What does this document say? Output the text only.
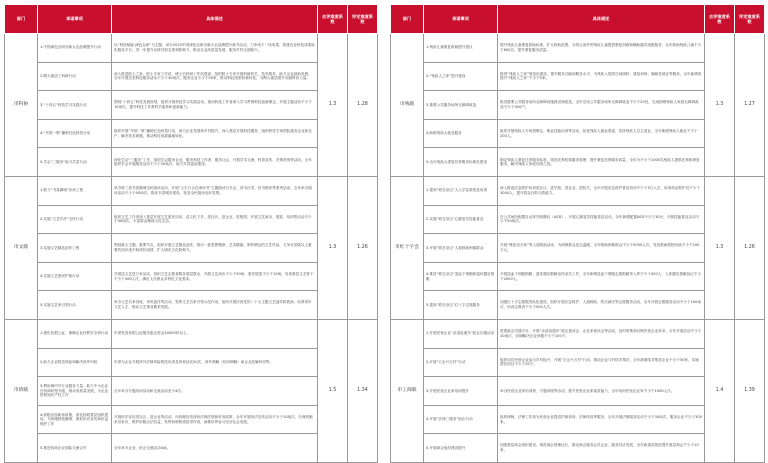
部门	承诺事项	具体描述	自评难度系数	评定难度系数
市科协	1.中国津色农研谷新大农品牌提升行动	以“科技赋能·津色农研”为主题，举办2022中国津色农研谷新大农品牌提升推介活动，力争线下一线成果，搭建农业科技成果转化服务平台，进一步提升农研谷知名度和影响力，推动农业高质量发展，服务乡村全面振兴。	1.3	1.28
	2.陶大素质工科研行动	深入推进院士之家、院士专家工作站、博士后科研工作站建设，组织院士专家开展科研攻关、技术服务，助力企业创新发展，全年开展各类科技服务活动不少于30场次，服务企业不少于50家，推动科技成果转移转化，为陶大素质提升贡献科协力量。		
	3.“十四五”科技学习实践行动	围绕“十四五”科技发展规划，组织开展科技学习实践活动，推动科技工作者深入学习贯彻科技创新理念，开展主题活动不少于10场次，提升科技工作者科学素养和创新能力。		
	4.“丹国一策”播种红色科技行动	组织开展“丹国一策”播种红色科技行动，助力企业发展和乡村振兴，深入基层开展科技服务，组织科技专家团队服务企业和农户，解决技术难题，推动科技成果落地转化。		
	5.学会“三服务”助力共富行动	深化学会“三服务”工作，组织学会服务企业、服务科技工作者、服务社会，开展学术交流、科普宣传、决策咨询等活动，全年组织学会开展服务活动不少于20场次，助力共同富裕建设。		
市文联	1.鼓力“书香满城”乐读工程	举办第三届书香满城全民阅读活动，开展“人生只合在津读书”主题阅读分享会、读书沙龙、好书推荐等系列活动，全年举办阅读活动不少于40场次，推动书香城市建设，营造全民阅读良好氛围。	1.3	1.26
	2.实施“文艺乡淳”全民行动	组织文艺工作者深入基层开展文艺惠民活动，送文化下乡、进社区、进企业、进校园，开展文艺演出、展览、培训等活动不少于30场次，丰富群众精神文化生活。		
	3.实施文艺精品创作工程	围绕重大主题、重要节点，组织开展文艺精品创作，推出一批思想精深、艺术精湛、制作精良的文艺作品，力争在省级以上重要奖项评选中取得好成绩，扩大城市文化影响力。		
	4.实施文艺惠民护航行动	开展送文艺进万家活动，组织文艺志愿者服务基层群众，开展文艺演出不少于50场、惠民展览不少于10场，培训基层文艺骨干不少于300人次，满足人民群众多样化文化需求。		
	5.实施文艺家引领行动	举办文艺名家讲座、采风创作等活动，发挥文艺名家引领示范作用，组织开展庆祝党的二十大主题文艺创作和展演，培养青年文艺人才，推动文艺事业繁荣发展。		
市侨联	1.强化侨捐公证，保障企业权利安全侨行动	年度发放侨捐公证服务惠企资金30000份以上。	1.5	1.34
	2.助力企业防范风险和解决涉外纠纷	年度为企业开展涉外法律风险防范培训及咨询活动30次，涉外调解（纠纷调解）助企业化解纠纷等。		
	3.利用海内外专业服务力量，助力中小企业在侨商转型升级，推动高质量发展，为企业搭桥知识产权工作	全年举办专题培训活动和交流活动至少4次。		
	4.积极宣传新侨政策，深化侨联基层组织建设，为侨胞排忧解难，做好侨法宣传和侨益保护工作	开展侨法宣传进社区、进企业等活动，向侨胞宣传涉侨法律法规和侨务政策，全年开展侨法宣传活动不少于10场次，办理侨胞来信来访，维护侨胞合法权益，发挥侨联桥梁纽带作用，助推侨界参与经济社会发展。		
	5.推进侨商企业国际交流合作	全年举办企业、侨企交流活动4场。		
部门	承诺事项	具体描述	自评难度系数	评定难度系数
市残联	1.残疾儿童康复救助提升建议	提升残疾儿童康复救助标准，扩大救助范围，为符合条件的残疾儿童提供康复训练和辅助器具适配服务，全年救助残疾儿童不少于600名，提升康复服务质量。	1.3	1.27
	2.“残疾人之家”提升建设	推进“残疾人之家”规范化建设，提升服务功能和服务水平，为残疾人提供日间照料、康复训练、辅助性就业等服务，全年新增或提升“残疾人之家”不少于5家。		
	3.重要公共服务场所无障碍改造	推进重要公共服务场所无障碍设施建设和改造，全年完成公共服务场所无障碍改造不少于20处，完成困难残疾人家庭无障碍改造不少于300户。		
	4.助推残疾人就业服务	组织开展残疾人专场招聘会、职业技能培训等活动，拓宽残疾人就业渠道，扶持残疾人自主创业，全年新增残疾人就业不少于200人。		
	5.出台残疾人康复托养服务标准化建设	制定残疾人康复托养服务标准，规范托养机构服务管理，提升康复托养服务质量，全年为不少于1000名残疾人提供托养和康复服务，解决残疾人家庭后顾之忧。		
市红十字会	1.提高“救在身边”人人学急救普及培训	深入推进应急救护培训进社区、进学校、进企业、进机关，全年开展应急救护普及培训不少于3万人次，培训持证救护员不少于3000人，提升群众自救互救能力。	1.3	1.26
	2.实施“救在身边”心肺复苏技能普及	在公共场所配置自动体外除颤仪（AED），开展心肺复苏技能普及活动，全年新增配置AED不少于30台，开展技能普及活动不少于50场次。		
	3.开展“救在身边”人道救助困难群众	开展“博爱送万家”等人道救助活动，为困难群众送去温暖，全年救助困难群众不少于5000人次，发放救助款物价值不少于200万元。		
	4.推进“救在身边”造血干细胞和遗体器官捐献	开展造血干细胞捐献、遗体器官捐献宣传动员工作，全年新增造血干细胞志愿捐献者入库不少于420人，人体器官捐献登记不少于2000人。		
	5.提高“救在身边”红十字志愿服务	加强红十字志愿服务队伍建设，组织开展应急救护、人道救助、防灾减灾等志愿服务活动，全年开展志愿服务活动不少于100场次，培训志愿者不少于500人次。		
市工商联	1.开展民营企业“亲清直通车”政企沟通活动	搭建政企沟通平台，开展“亲清直通车”政企恳谈会、企业家座谈会等活动，及时收集和反映民营企业诉求，全年开展活动不少于10场次，协调解决企业问题不少于100个。	1.4	1.39
	2.开展“万企兴万村”行动	组织动员民营企业参与乡村振兴，开展“万企兴万村”行动，推动企业与村结对帮扶，全年新增结对帮扶企业不少于50家，实施帮扶项目不少于30个。		
	3.开展民营企业家培训提升	举办民营企业家培训班、专题讲座等活动，提升民营企业家素质能力，全年培训民营企业家不少于1000人次。		
	4.开展“法律三服务”助企行动	组织律师、法律工作者为民营企业提供法律咨询、法律体检等服务，全年开展法律服务活动不少于30场次，服务企业不少于300家。		
	5.开展商会组织建设提升	加强基层商会组织建设，规范商会管理运行，推动商会服务会员企业、服务经济发展，全年新建或规范提升基层商会不少于10家。		
